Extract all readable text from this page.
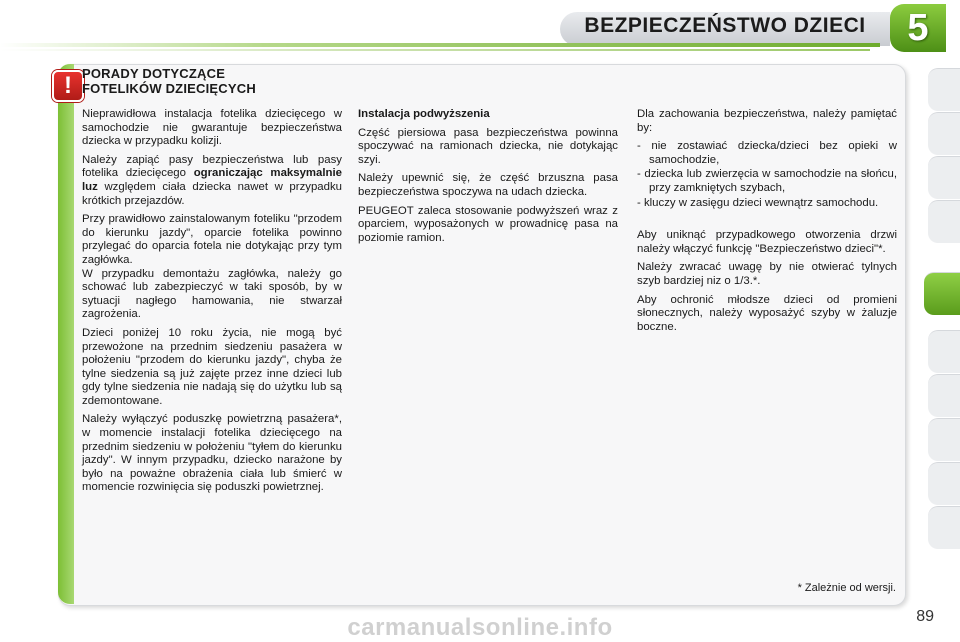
BEZPIECZEŃSTWO DZIECI	5
! PORADY DOTYCZĄCE
FOTELIKÓW DZIECIĘCYCH

Nieprawidłowa instalacja fotelika dziecięcego w samochodzie nie gwarantuje bezpieczeństwa dziecka w przypadku kolizji.

Należy zapiąć pasy bezpieczeństwa lub pasy fotelika dziecięcego ograniczając maksymalnie luz względem ciała dziecka nawet w przypadku krótkich przejazdów.

Przy prawidłowo zainstalowanym foteliku "przodem do kierunku jazdy", oparcie fotelika powinno przylegać do oparcia fotela nie dotykając przy tym zagłówka.

W przypadku demontażu zagłówka, należy go schować lub zabezpieczyć w taki sposób, by w sytuacji nagłego hamowania, nie stwarzał zagrożenia.

Dzieci poniżej 10 roku życia, nie mogą być przewożone na przednim siedzeniu pasażera w położeniu "przodem do kierunku jazdy", chyba że tylne siedzenia są już zajęte przez inne dzieci lub gdy tylne siedzenia nie nadają się do użytku lub są zdemontowane.

Należy wyłączyć poduszkę powietrzną pasażera*, w momencie instalacji fotelika dziecięcego na przednim siedzeniu w położeniu "tyłem do kierunku jazdy". W innym przypadku, dziecko narażone by było na poważne obrażenia ciała lub śmierć w momencie rozwinięcia się poduszki powietrznej.

Instalacja podwyższenia

Część piersiowa pasa bezpieczeństwa powinna spoczywać na ramionach dziecka, nie dotykając szyi.

Należy upewnić się, że część brzuszna pasa bezpieczeństwa spoczywa na udach dziecka.

PEUGEOT zaleca stosowanie podwyższeń wraz z oparciem, wyposażonych w prowadnicę pasa na poziomie ramion.

Dla zachowania bezpieczeństwa, należy pamiętać by:

- nie zostawiać dziecka/dzieci bez opieki w samochodzie,
- dziecka lub zwierzęcia w samochodzie na słońcu, przy zamkniętych szybach,
- kluczy w zasięgu dzieci wewnątrz samochodu.

Aby uniknąć przypadkowego otworzenia drzwi należy włączyć funkcję "Bezpieczeństwo dzieci"*.

Należy zwracać uwagę by nie otwierać tylnych szyb bardziej niz o 1/3.*.

Aby ochronić młodsze dzieci od promieni słonecznych, należy wyposażyć szyby w żaluzje boczne.

* Zależnie od wersji.
89
carmanualsonline.info
